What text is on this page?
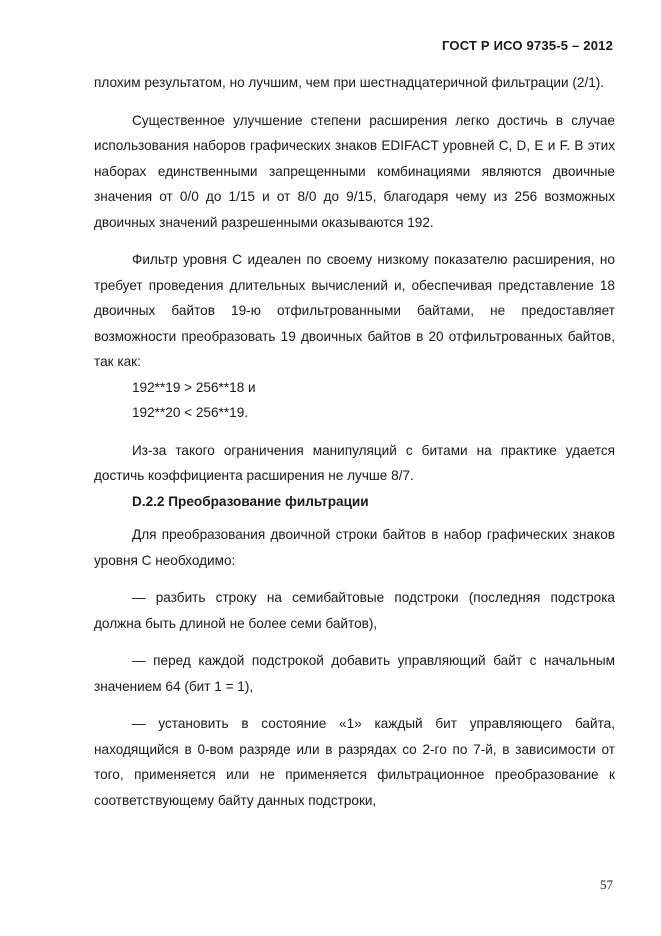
ГОСТ Р ИСО 9735-5 – 2012

плохим результатом, но лучшим, чем при шестнадцатеричной фильтрации (2/1).

Существенное улучшение степени расширения легко достичь в случае использования наборов графических знаков EDIFACT уровней C, D, E и F. В этих наборах единственными запрещенными комбинациями являются двоичные значения от 0/0 до 1/15 и от 8/0 до 9/15, благодаря чему из 256 возможных двоичных значений разрешенными оказываются 192.

Фильтр уровня C идеален по своему низкому показателю расширения, но требует проведения длительных вычислений и, обеспечивая представление 18 двоичных байтов 19-ю отфильтрованными байтами, не предоставляет возможности преобразовать 19 двоичных байтов в 20 отфильтрованных байтов, так как:

192**19 > 256**18 и

192**20 < 256**19.

Из-за такого ограничения манипуляций с битами на практике удается достичь коэффициента расширения не лучше 8/7.

D.2.2 Преобразование фильтрации

Для преобразования двоичной строки байтов в набор графических знаков уровня C необходимо:

— разбить строку на семибайтовые подстроки (последняя подстрока должна быть длиной не более семи байтов),

— перед каждой подстрокой добавить управляющий байт с начальным значением 64 (бит 1 = 1),

— установить в состояние «1» каждый бит управляющего байта, находящийся в 0-вом разряде или в разрядах со 2-го по 7-й, в зависимости от того, применяется или не применяется фильтрационное преобразование к соответствующему байту данных подстроки,

57
